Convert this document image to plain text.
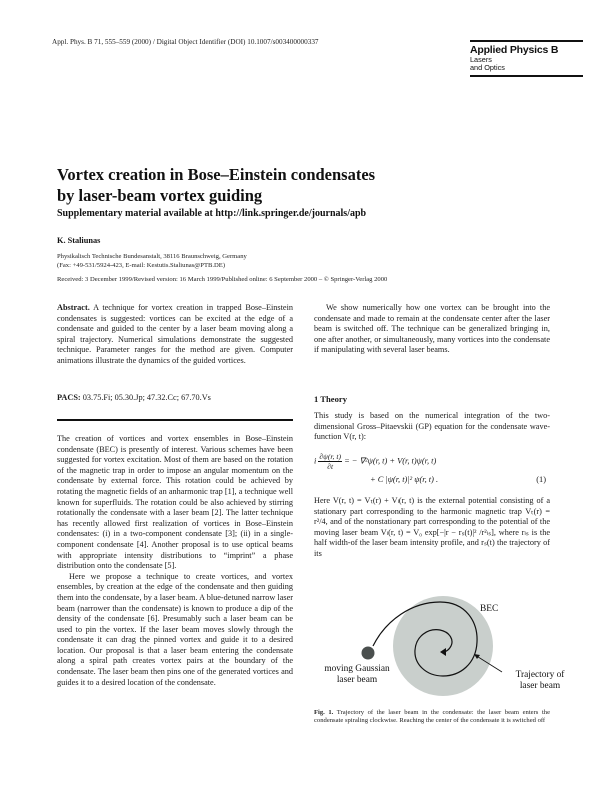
Appl. Phys. B 71, 555–559 (2000) / Digital Object Identifier (DOI) 10.1007/s003400000337
Applied Physics B
Lasers
and Optics
Vortex creation in Bose–Einstein condensates
by laser-beam vortex guiding
Supplementary material available at http://link.springer.de/journals/apb
K. Staliunas
Physikalisch Technische Bundesanstalt, 38116 Braunschweig, Germany
(Fax: +49-531/5924-423, E-mail: Kestutis.Staliunas@PTB.DE)
Received: 3 December 1999/Revised version: 16 March 1999/Published online: 6 September 2000 – © Springer-Verlag 2000

Abstract. A technique for vortex creation in trapped Bose–Einstein condensates is suggested: vortices can be excited at the edge of a condensate and guided to the center by a laser beam moving along a spiral trajectory. Numerical simulations demonstrate the suggested technique. Parameter ranges for the method are given. Computer animations illustrate the dynamics of the guided vortices.

PACS: 03.75.Fi; 05.30.Jp; 47.32.Cc; 67.70.Vs

The creation of vortices and vortex ensembles in Bose–Einstein condensate (BEC) is presently of interest. Various schemes have been suggested for vortex excitation. Most of them are based on the rotation of the magnetic trap in order to impose an angular momentum on the condensate by external force. This rotation could be achieved by rotating the magnetic fields of an anharmonic trap [1], a technique well known for superfluids. The rotation could be also achieved by stirring rotationally the condensate with a laser beam [2]. The latter technique has recently allowed first realization of vortices in Bose–Einstein condensates: (i) in a two-component condensate [3]; (ii) in a single-component condensate [4]. Another proposal is to use optical beams with appropriate intensity distributions to “imprint” a phase distribution onto the condensate [5].

Here we propose a technique to create vortices, and vortex ensembles, by creation at the edge of the condensate and then guiding them into the condensate, by a laser beam. A blue-detuned narrow laser beam (narrower than the condensate) is known to produce a dip of the density of the condensate [6]. Presumably such a laser beam can be used to pin the vortex. If the laser beam moves slowly through the condensate it can drag the pinned vortex and guide it to a desired location. Our proposal is that a laser beam entering the condensate along a spiral path creates vortex pairs at the boundary of the condensate. The laser beam then pins one of the generated vortices and guides it to a desired location of the condensate.

We show numerically how one vortex can be brought into the condensate and made to remain at the condensate center after the laser beam is switched off. The technique can be generalized bringing in, one after another, or simultaneously, many vortices into the condensate if manipulating with several laser beams.

1 Theory

This study is based on the numerical integration of the two-dimensional Gross–Pitaevskii (GP) equation for the condensate wave-function V(r, t):

i $\frac{\partial\psi(r, t)}{\partial t}$ = − ∇²ψ(r, t) + V(r, t)ψ(r, t)
+ C |ψ(r, t)|² ψ(r, t) .	(1)

Here V(r, t) = Vₜ(r) + Vₗ(r, t) is the external potential consisting of a stationary part corresponding to the harmonic magnetic trap Vₜ(r) = r²/4, and of the nonstationary part corresponding to the potential of the moving laser beam Vₗ(r, t) = V₀ exp[−|r − rₛ(t)|² /r²ₗₛ], where rₗₛ is the half width-of the laser beam intensity profile, and rₛ(t) the trajectory of its

BEC
moving Gaussian
laser beam	Trajectory of
laser beam
Fig. 1. Trajectory of the laser beam in the condensate: the laser beam enters the condensate spiraling clockwise. Reaching the center of the condensate it is switched off
